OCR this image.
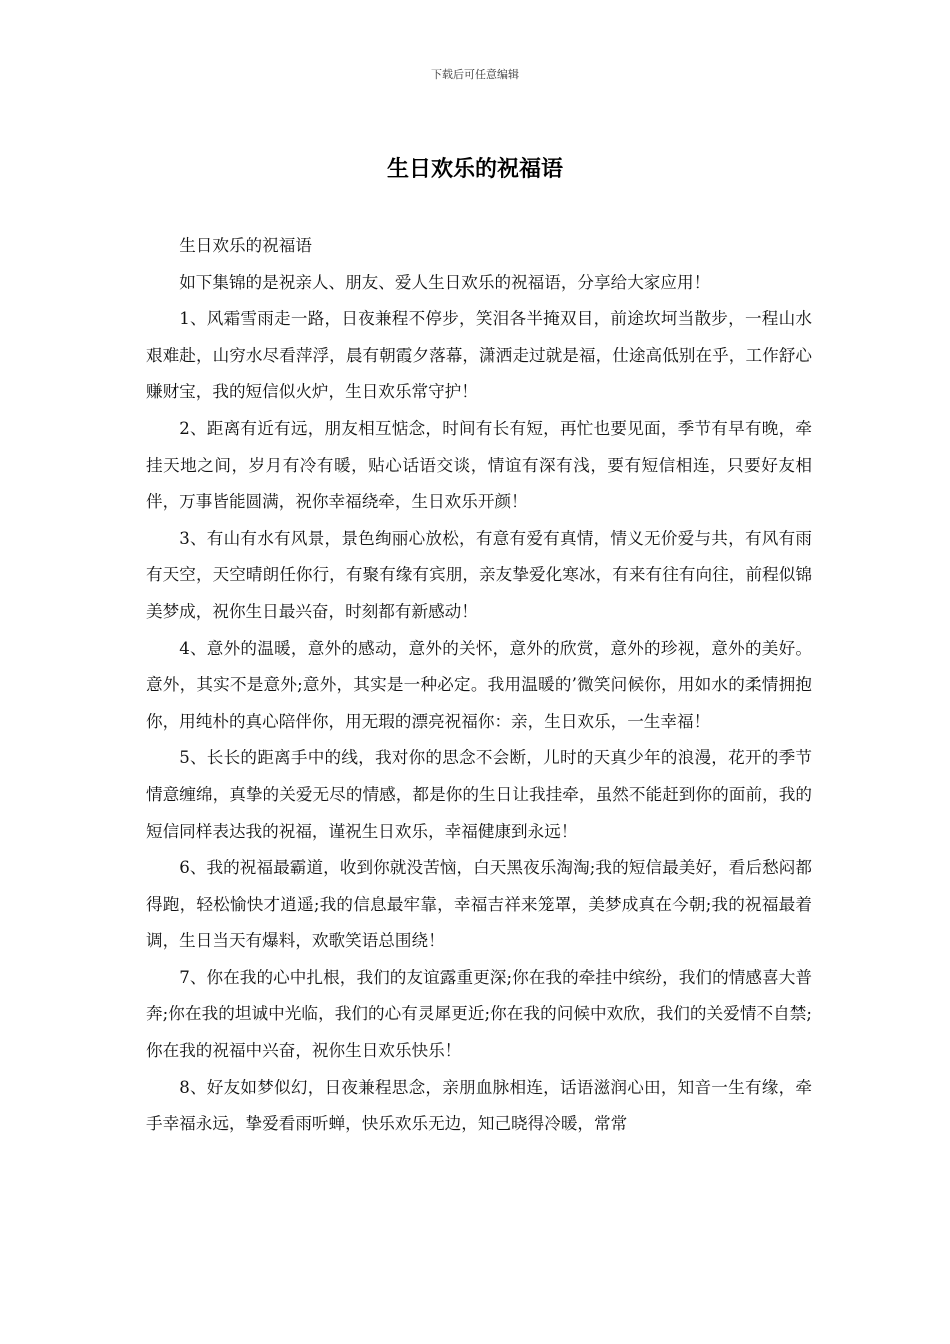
下载后可任意编辑
生日欢乐的祝福语

生日欢乐的祝福语

如下集锦的是祝亲人、朋友、爱人生日欢乐的祝福语，分享给大家应用！

1、风霜雪雨走一路，日夜兼程不停步，笑泪各半掩双目，前途坎坷当散步，一程山水艰难赴，山穷水尽看萍浮，晨有朝霞夕落幕，潇洒走过就是福，仕途高低别在乎，工作舒心赚财宝，我的短信似火炉，生日欢乐常守护！

2、距离有近有远，朋友相互惦念，时间有长有短，再忙也要见面，季节有早有晚，牵挂天地之间，岁月有冷有暖，贴心话语交谈，情谊有深有浅，要有短信相连，只要好友相伴，万事皆能圆满，祝你幸福绕牵，生日欢乐开颜！

3、有山有水有风景，景色绚丽心放松，有意有爱有真情，情义无价爱与共，有风有雨有天空，天空晴朗任你行，有聚有缘有宾朋，亲友挚爱化寒冰，有来有往有向往，前程似锦美梦成，祝你生日最兴奋，时刻都有新感动！

4、意外的温暖，意外的感动，意外的关怀，意外的欣赏，意外的珍视，意外的美好。意外，其实不是意外;意外，其实是一种必定。我用温暖的’微笑问候你，用如水的柔情拥抱你，用纯朴的真心陪伴你，用无瑕的漂亮祝福你：亲，生日欢乐，一生幸福！

5、长长的距离手中的线，我对你的思念不会断，儿时的天真少年的浪漫，花开的季节情意缠绵，真挚的关爱无尽的情感，都是你的生日让我挂牵，虽然不能赶到你的面前，我的短信同样表达我的祝福，谨祝生日欢乐，幸福健康到永远！

6、我的祝福最霸道，收到你就没苦恼，白天黑夜乐淘淘;我的短信最美好，看后愁闷都得跑，轻松愉快才逍遥;我的信息最牢靠，幸福吉祥来笼罩，美梦成真在今朝;我的祝福最着调，生日当天有爆料，欢歌笑语总围绕！

7、你在我的心中扎根，我们的友谊露重更深;你在我的牵挂中缤纷，我们的情感喜大普奔;你在我的坦诚中光临，我们的心有灵犀更近;你在我的问候中欢欣，我们的关爱情不自禁;你在我的祝福中兴奋，祝你生日欢乐快乐！

8、好友如梦似幻，日夜兼程思念，亲朋血脉相连，话语滋润心田，知音一生有缘，牵手幸福永远，挚爱看雨听蝉，快乐欢乐无边，知己晓得冷暖，常常
